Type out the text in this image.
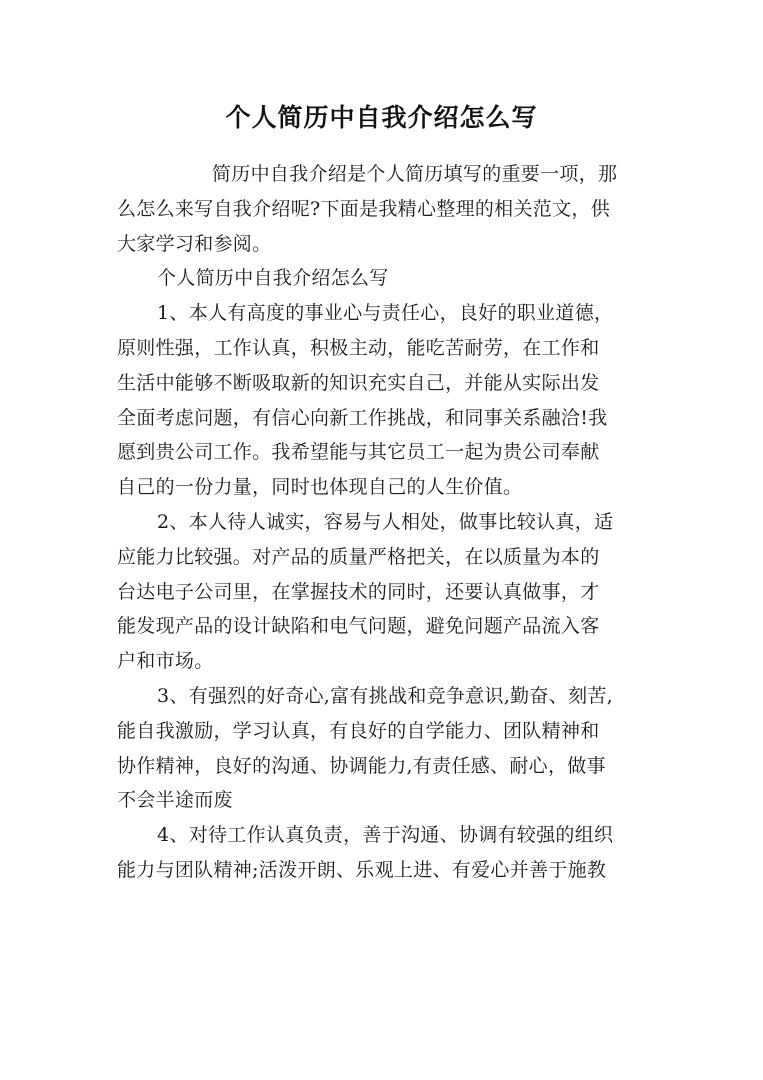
个人简历中自我介绍怎么写
简历中自我介绍是个人简历填写的重要一项，那
么怎么来写自我介绍呢?下面是我精心整理的相关范文，供
大家学习和参阅。
个人简历中自我介绍怎么写
1、本人有高度的事业心与责任心，良好的职业道德，
原则性强，工作认真，积极主动，能吃苦耐劳，在工作和
生活中能够不断吸取新的知识充实自己，并能从实际出发
全面考虑问题，有信心向新工作挑战，和同事关系融洽!我
愿到贵公司工作。我希望能与其它员工一起为贵公司奉献
自己的一份力量，同时也体现自己的人生价值。
2、本人待人诚实，容易与人相处，做事比较认真，适
应能力比较强。对产品的质量严格把关，在以质量为本的
台达电子公司里，在掌握技术的同时，还要认真做事，才
能发现产品的设计缺陷和电气问题，避免问题产品流入客
户和市场。
3、有强烈的好奇心,富有挑战和竞争意识,勤奋、刻苦,
能自我激励，学习认真，有良好的自学能力、团队精神和
协作精神，良好的沟通、协调能力,有责任感、耐心，做事
不会半途而废
4、对待工作认真负责，善于沟通、协调有较强的组织
能力与团队精神;活泼开朗、乐观上进、有爱心并善于施教
